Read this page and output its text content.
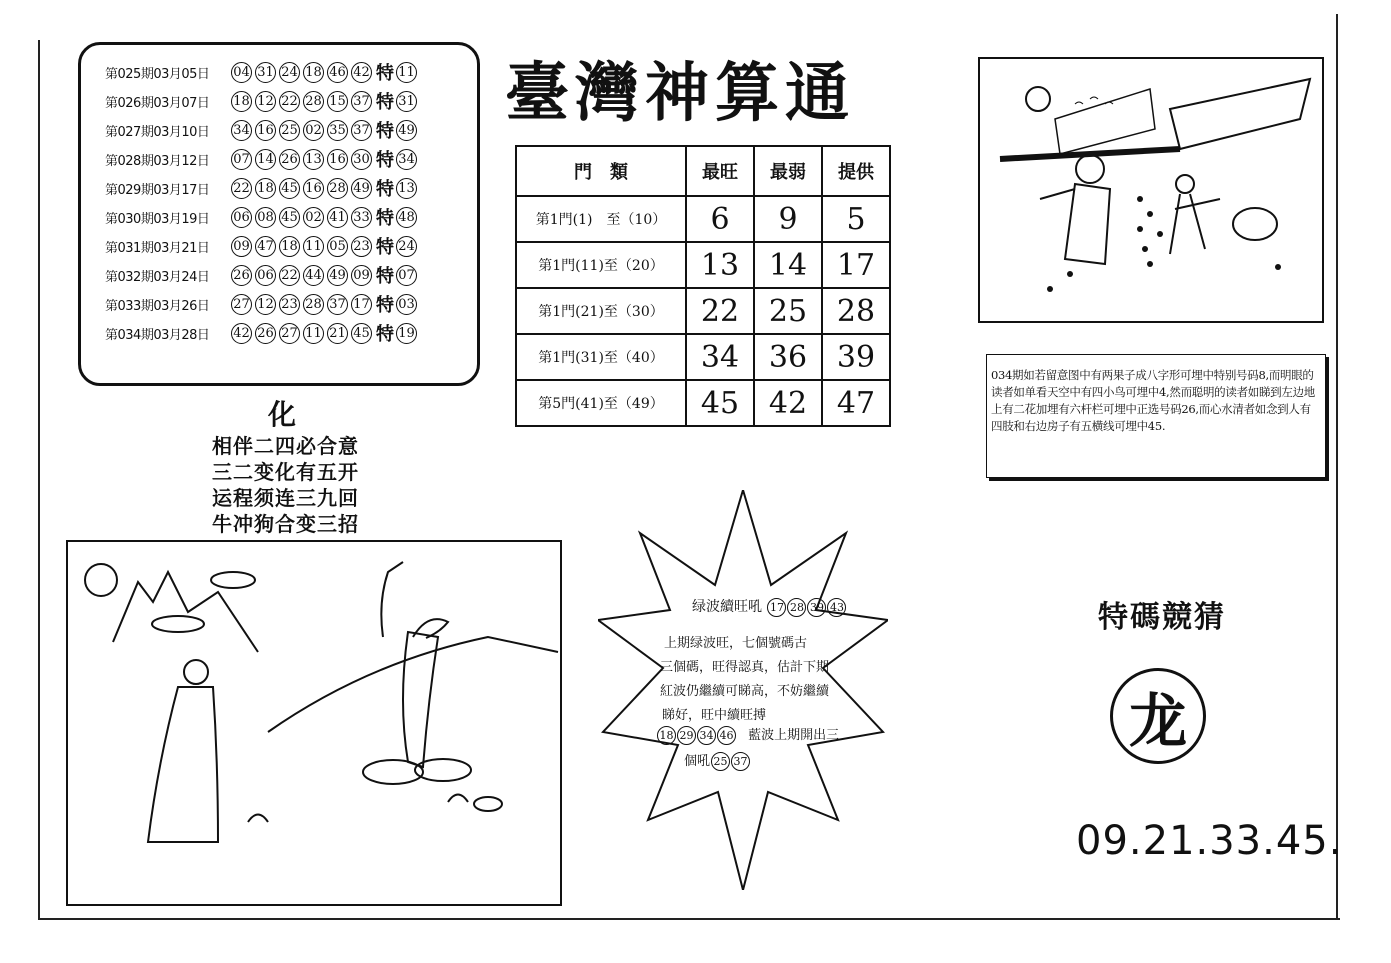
第025期03月05日	04 31 24 18 46 42 特 11
第026期03月07日	18 12 22 28 15 37 特 31
第027期03月10日	34 16 25 02 35 37 特 49
第028期03月12日	07 14 26 13 16 30 特 34
第029期03月17日	22 18 45 16 28 49 特 13
第030期03月19日	06 08 45 02 41 33 特 48
第031期03月21日	09 47 18 11 05 23 特 24
第032期03月24日	26 06 22 44 49 09 特 07
第033期03月26日	27 12 23 28 37 17 特 03
第034期03月28日	42 26 27 11 21 45 特 19
臺灣神算通
門　類	最旺	最弱	提供
第1門(1)　至（10）	6	9	5
第1門(11)至（20）	13	14	17
第1門(21)至（30）	22	25	28
第1門(31)至（40）	34	36	39
第5門(41)至（49）	45	42	47
化
相伴二四必合意
三二变化有五开
运程须连三九回
牛冲狗合变三招
034期如若留意图中有两果子成八字形可埋中特别号码8,而明眼的读者如单看天空中有四小鸟可埋中4,然而聪明的读者如睇到左边地上有二花加埋有六杆栏可埋中正选号码26,而心水清者如念到人有四肢和右边房子有五横线可埋中45.
绿波續旺吼 17 28 39 43
上期绿波旺，七個號碼古
三個碼，旺得認真，估計下期
紅波仍繼續可睇高，不妨繼續
睇好，旺中續旺搏
18 29 34 46 藍波上期開出三
個吼 25 37
特碼競猜
龙
09.21.33.45.
